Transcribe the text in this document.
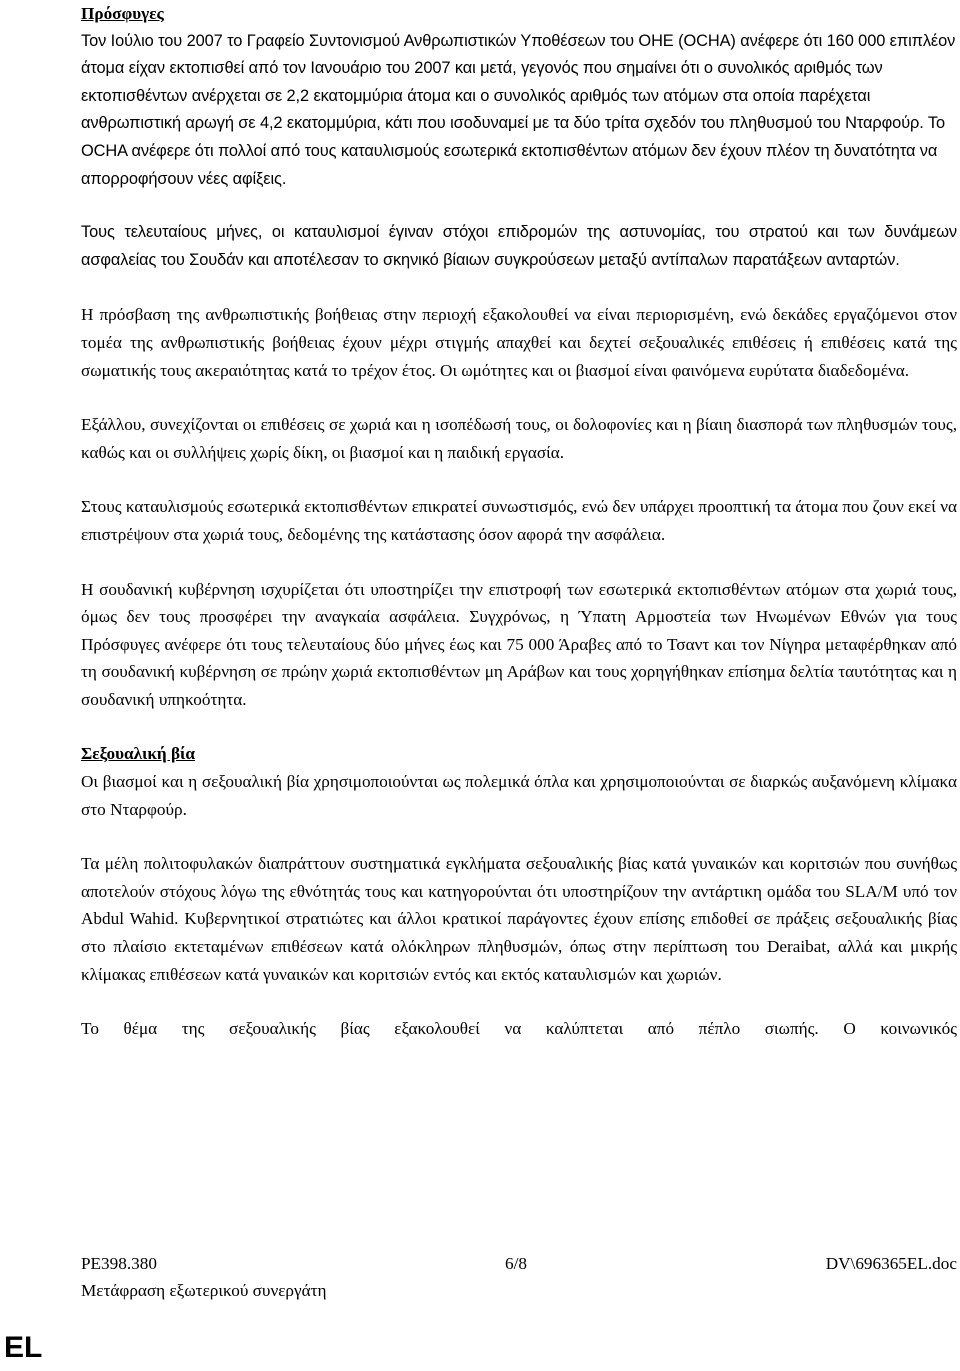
Πρόσφυγες

Τον Ιούλιο του 2007 το Γραφείο Συντονισμού Ανθρωπιστικών Υποθέσεων του ΟΗΕ (OCHA) ανέφερε ότι 160 000 επιπλέον άτομα είχαν εκτοπισθεί από τον Ιανουάριο του 2007 και μετά, γεγονός που σημαίνει ότι ο συνολικός αριθμός των εκτοπισθέντων ανέρχεται σε 2,2 εκατομμύρια άτομα και ο συνολικός αριθμός των ατόμων στα οποία παρέχεται ανθρωπιστική αρωγή σε 4,2 εκατομμύρια, κάτι που ισοδυναμεί με τα δύο τρίτα σχεδόν του πληθυσμού του Νταρφούρ. Το OCHA ανέφερε ότι πολλοί από τους καταυλισμούς εσωτερικά εκτοπισθέντων ατόμων δεν έχουν πλέον τη δυνατότητα να απορροφήσουν νέες αφίξεις.

Τους τελευταίους μήνες, οι καταυλισμοί έγιναν στόχοι επιδρομών της αστυνομίας, του στρατού και των δυνάμεων ασφαλείας του Σουδάν και αποτέλεσαν το σκηνικό βίαιων συγκρούσεων μεταξύ αντίπαλων παρατάξεων ανταρτών.

Η πρόσβαση της ανθρωπιστικής βοήθειας στην περιοχή εξακολουθεί να είναι περιορισμένη, ενώ δεκάδες εργαζόμενοι στον τομέα της ανθρωπιστικής βοήθειας έχουν μέχρι στιγμής απαχθεί και δεχτεί σεξουαλικές επιθέσεις ή επιθέσεις κατά της σωματικής τους ακεραιότητας κατά το τρέχον έτος. Οι ωμότητες και οι βιασμοί είναι φαινόμενα ευρύτατα διαδεδομένα.

Εξάλλου, συνεχίζονται οι επιθέσεις σε χωριά και η ισοπέδωσή τους, οι δολοφονίες και η βίαιη διασπορά των πληθυσμών τους, καθώς και οι συλλήψεις χωρίς δίκη, οι βιασμοί και η παιδική εργασία.

Στους καταυλισμούς εσωτερικά εκτοπισθέντων επικρατεί συνωστισμός, ενώ δεν υπάρχει προοπτική τα άτομα που ζουν εκεί να επιστρέψουν στα χωριά τους, δεδομένης της κατάστασης όσον αφορά την ασφάλεια.

Η σουδανική κυβέρνηση ισχυρίζεται ότι υποστηρίζει την επιστροφή των εσωτερικά εκτοπισθέντων ατόμων στα χωριά τους, όμως δεν τους προσφέρει την αναγκαία ασφάλεια. Συγχρόνως, η Ύπατη Αρμοστεία των Ηνωμένων Εθνών για τους Πρόσφυγες ανέφερε ότι τους τελευταίους δύο μήνες έως και 75 000 Άραβες από το Τσαντ και τον Νίγηρα μεταφέρθηκαν από τη σουδανική κυβέρνηση σε πρώην χωριά εκτοπισθέντων μη Αράβων και τους χορηγήθηκαν επίσημα δελτία ταυτότητας και η σουδανική υπηκοότητα.

Σεξουαλική βία

Οι βιασμοί και η σεξουαλική βία χρησιμοποιούνται ως πολεμικά όπλα και χρησιμοποιούνται σε διαρκώς αυξανόμενη κλίμακα στο Νταρφούρ.

Τα μέλη πολιτοφυλακών διαπράττουν συστηματικά εγκλήματα σεξουαλικής βίας κατά γυναικών και κοριτσιών που συνήθως αποτελούν στόχους λόγω της εθνότητάς τους και κατηγορούνται ότι υποστηρίζουν την αντάρτικη ομάδα του SLA/M υπό τον Abdul Wahid. Κυβερνητικοί στρατιώτες και άλλοι κρατικοί παράγοντες έχουν επίσης επιδοθεί σε πράξεις σεξουαλικής βίας στο πλαίσιο εκτεταμένων επιθέσεων κατά ολόκληρων πληθυσμών, όπως στην περίπτωση του Deraibat, αλλά και μικρής κλίμακας επιθέσεων κατά γυναικών και κοριτσιών εντός και εκτός καταυλισμών και χωριών.

Το θέμα της σεξουαλικής βίας εξακολουθεί να καλύπτεται από πέπλο σιωπής. Ο κοινωνικός

PE398.380	6/8	DV\696365EL.doc
Μετάφραση εξωτερικού συνεργάτη
EL
